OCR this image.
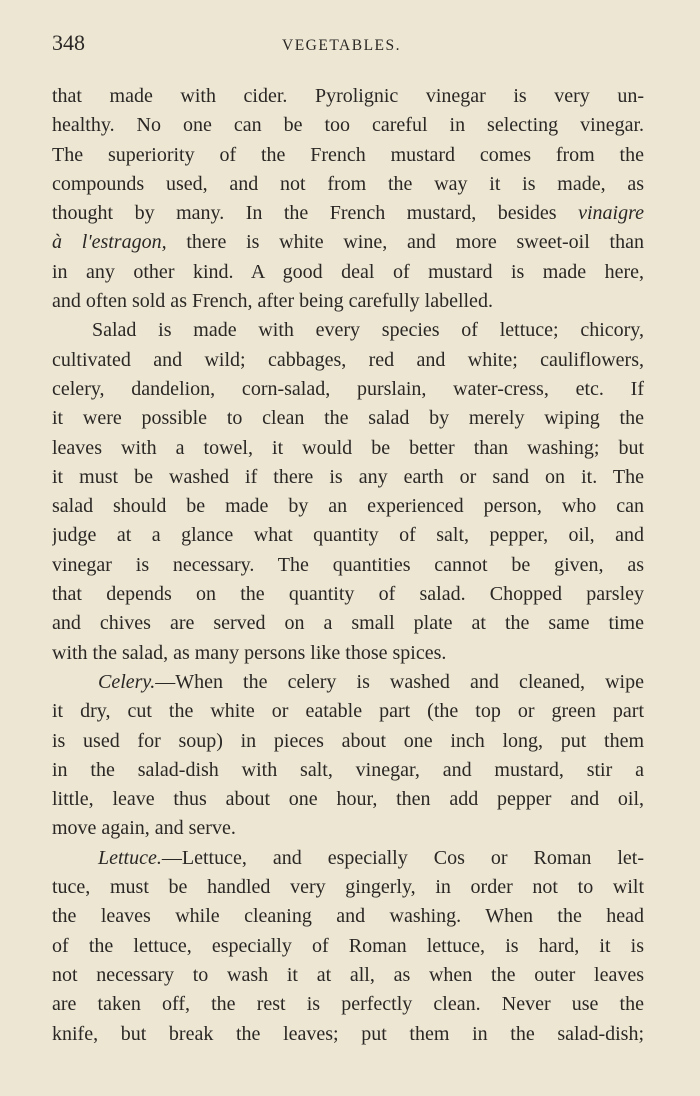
348	VEGETABLES.
that made with cider. Pyrolignic vinegar is very un-
healthy. No one can be too careful in selecting vinegar.
The superiority of the French mustard comes from the
compounds used, and not from the way it is made, as
thought by many. In the French mustard, besides vinaigre
à l'estragon, there is white wine, and more sweet-oil than
in any other kind. A good deal of mustard is made here,
and often sold as French, after being carefully labelled.
Salad is made with every species of lettuce; chicory,
cultivated and wild; cabbages, red and white; cauliflowers,
celery, dandelion, corn-salad, purslain, water-cress, etc. If
it were possible to clean the salad by merely wiping the
leaves with a towel, it would be better than washing; but
it must be washed if there is any earth or sand on it. The
salad should be made by an experienced person, who can
judge at a glance what quantity of salt, pepper, oil, and
vinegar is necessary. The quantities cannot be given, as
that depends on the quantity of salad. Chopped parsley
and chives are served on a small plate at the same time
with the salad, as many persons like those spices.
Celery.—When the celery is washed and cleaned, wipe
it dry, cut the white or eatable part (the top or green part
is used for soup) in pieces about one inch long, put them
in the salad-dish with salt, vinegar, and mustard, stir a
little, leave thus about one hour, then add pepper and oil,
move again, and serve.
Lettuce.—Lettuce, and especially Cos or Roman let-
tuce, must be handled very gingerly, in order not to wilt
the leaves while cleaning and washing. When the head
of the lettuce, especially of Roman lettuce, is hard, it is
not necessary to wash it at all, as when the outer leaves
are taken off, the rest is perfectly clean. Never use the
knife, but break the leaves; put them in the salad-dish;
